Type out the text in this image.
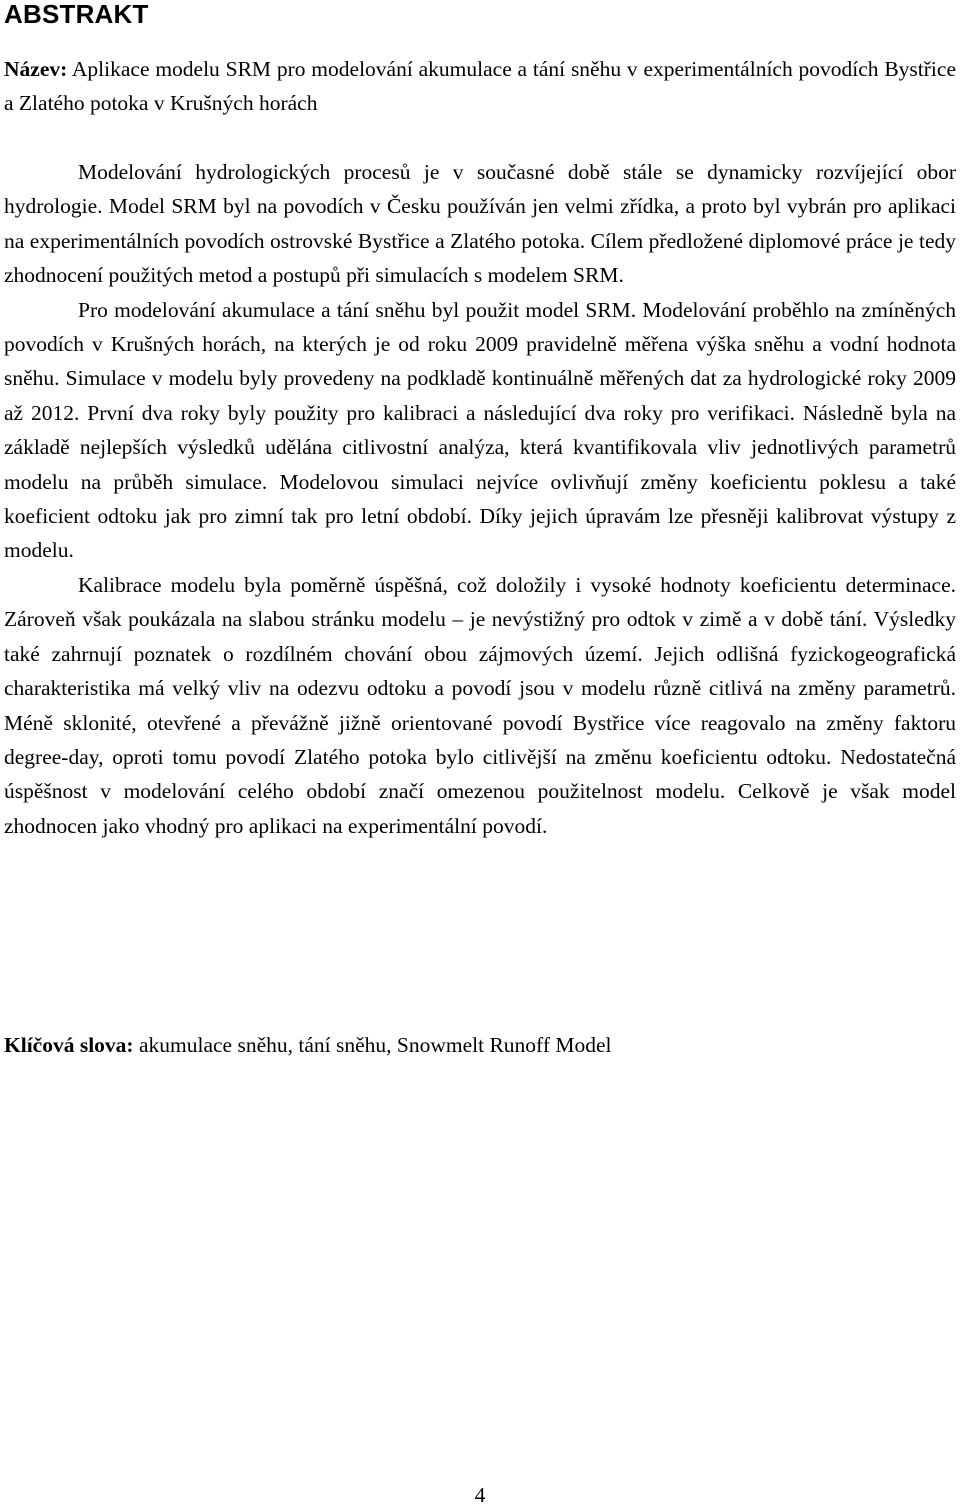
ABSTRAKT

Název: Aplikace modelu SRM pro modelování akumulace a tání sněhu v experimentálních povodích Bystřice a Zlatého potoka v Krušných horách

Modelování hydrologických procesů je v současné době stále se dynamicky rozvíjející obor hydrologie. Model SRM byl na povodích v Česku používán jen velmi zřídka, a proto byl vybrán pro aplikaci na experimentálních povodích ostrovské Bystřice a Zlatého potoka. Cílem předložené diplomové práce je tedy zhodnocení použitých metod a postupů při simulacích s modelem SRM.

Pro modelování akumulace a tání sněhu byl použit model SRM. Modelování proběhlo na zmíněných povodích v Krušných horách, na kterých je od roku 2009 pravidelně měřena výška sněhu a vodní hodnota sněhu. Simulace v modelu byly provedeny na podkladě kontinuálně měřených dat za hydrologické roky 2009 až 2012. První dva roky byly použity pro kalibraci a následující dva roky pro verifikaci. Následně byla na základě nejlepších výsledků udělána citlivostní analýza, která kvantifikovala vliv jednotlivých parametrů modelu na průběh simulace. Modelovou simulaci nejvíce ovlivňují změny koeficientu poklesu a také koeficient odtoku jak pro zimní tak pro letní období. Díky jejich úpravám lze přesněji kalibrovat výstupy z modelu.

Kalibrace modelu byla poměrně úspěšná, což doložily i vysoké hodnoty koeficientu determinace. Zároveň však poukázala na slabou stránku modelu – je nevýstižný pro odtok v zimě a v době tání. Výsledky také zahrnují poznatek o rozdílném chování obou zájmových území. Jejich odlišná fyzickogeografická charakteristika má velký vliv na odezvu odtoku a povodí jsou v modelu různě citlivá na změny parametrů. Méně sklonité, otevřené a převážně jižně orientované povodí Bystřice více reagovalo na změny faktoru degree-day, oproti tomu povodí Zlatého potoka bylo citlivější na změnu koeficientu odtoku. Nedostatečná úspěšnost v modelování celého období značí omezenou použitelnost modelu. Celkově je však model zhodnocen jako vhodný pro aplikaci na experimentální povodí.

Klíčová slova: akumulace sněhu, tání sněhu, Snowmelt Runoff Model

4
